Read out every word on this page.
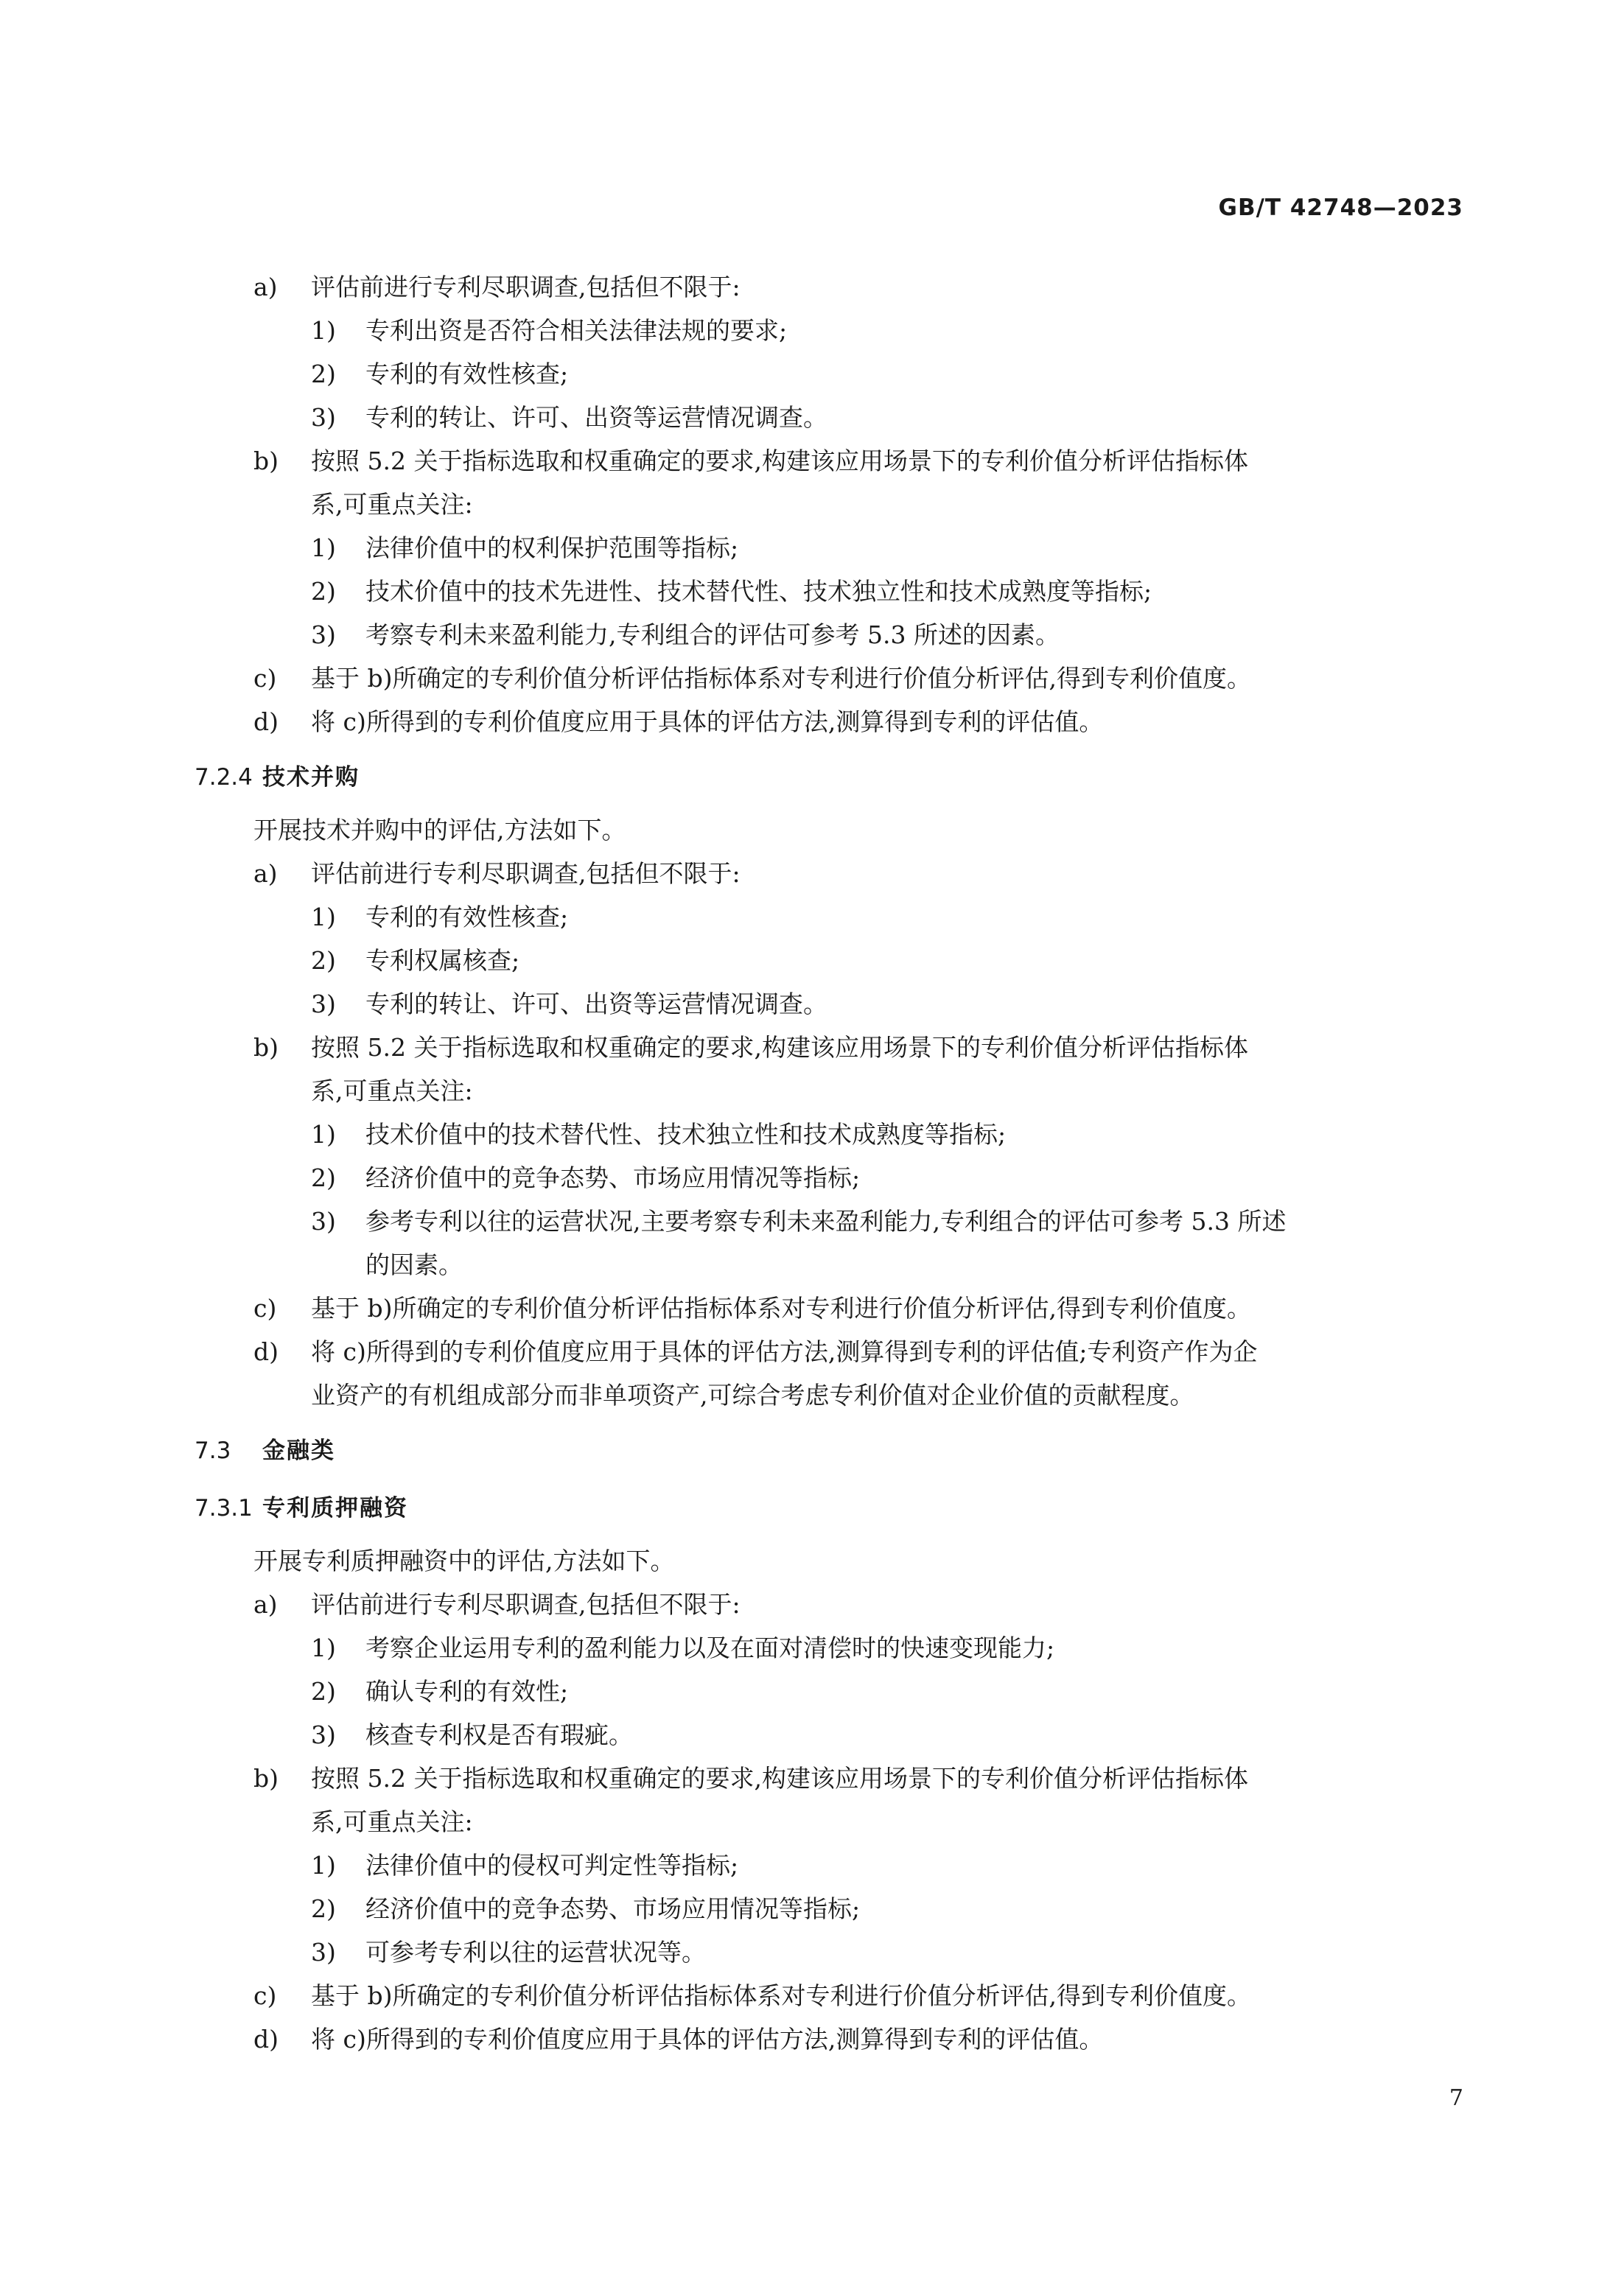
GB/T 42748—2023
a) 评估前进行专利尽职调查,包括但不限于:
1) 专利出资是否符合相关法律法规的要求;
2) 专利的有效性核查;
3) 专利的转让、许可、出资等运营情况调查。
b) 按照 5.2 关于指标选取和权重确定的要求,构建该应用场景下的专利价值分析评估指标体
系,可重点关注:
1) 法律价值中的权利保护范围等指标;
2) 技术价值中的技术先进性、技术替代性、技术独立性和技术成熟度等指标;
3) 考察专利未来盈利能力,专利组合的评估可参考 5.3 所述的因素。
c) 基于 b)所确定的专利价值分析评估指标体系对专利进行价值分析评估,得到专利价值度。
d) 将 c)所得到的专利价值度应用于具体的评估方法,测算得到专利的评估值。
7.2.4 技术并购
开展技术并购中的评估,方法如下。
a) 评估前进行专利尽职调查,包括但不限于:
1) 专利的有效性核查;
2) 专利权属核查;
3) 专利的转让、许可、出资等运营情况调查。
b) 按照 5.2 关于指标选取和权重确定的要求,构建该应用场景下的专利价值分析评估指标体
系,可重点关注:
1) 技术价值中的技术替代性、技术独立性和技术成熟度等指标;
2) 经济价值中的竞争态势、市场应用情况等指标;
3) 参考专利以往的运营状况,主要考察专利未来盈利能力,专利组合的评估可参考 5.3 所述
的因素。
c) 基于 b)所确定的专利价值分析评估指标体系对专利进行价值分析评估,得到专利价值度。
d) 将 c)所得到的专利价值度应用于具体的评估方法,测算得到专利的评估值;专利资产作为企
业资产的有机组成部分而非单项资产,可综合考虑专利价值对企业价值的贡献程度。
7.3 金融类
7.3.1 专利质押融资
开展专利质押融资中的评估,方法如下。
a) 评估前进行专利尽职调查,包括但不限于:
1) 考察企业运用专利的盈利能力以及在面对清偿时的快速变现能力;
2) 确认专利的有效性;
3) 核查专利权是否有瑕疵。
b) 按照 5.2 关于指标选取和权重确定的要求,构建该应用场景下的专利价值分析评估指标体
系,可重点关注:
1) 法律价值中的侵权可判定性等指标;
2) 经济价值中的竞争态势、市场应用情况等指标;
3) 可参考专利以往的运营状况等。
c) 基于 b)所确定的专利价值分析评估指标体系对专利进行价值分析评估,得到专利价值度。
d) 将 c)所得到的专利价值度应用于具体的评估方法,测算得到专利的评估值。
7
